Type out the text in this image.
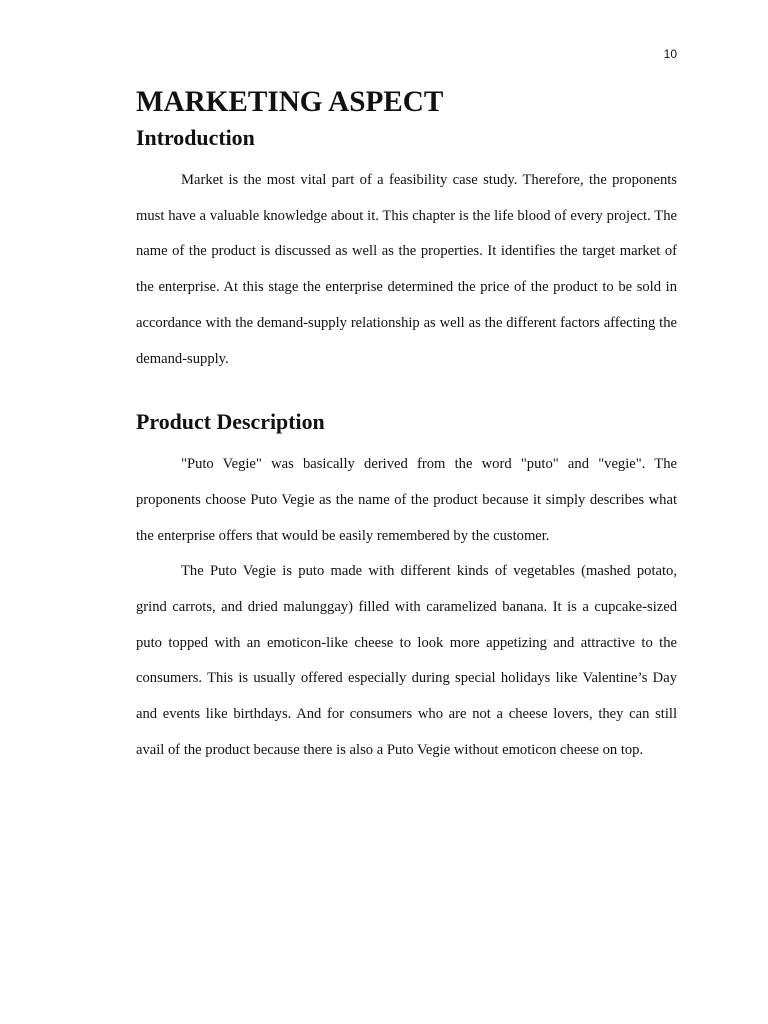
10
MARKETING ASPECT
Introduction

Market is the most vital part of a feasibility case study. Therefore, the proponents must have a valuable knowledge about it. This chapter is the life blood of every project. The name of the product is discussed as well as the properties. It identifies the target market of the enterprise. At this stage the enterprise determined the price of the product to be sold in accordance with the demand-supply relationship as well as the different factors affecting the demand-supply.

Product Description

"Puto Vegie" was basically derived from the word "puto" and "vegie". The proponents choose Puto Vegie as the name of the product because it simply describes what the enterprise offers that would be easily remembered by the customer.

The Puto Vegie is puto made with different kinds of vegetables (mashed potato, grind carrots, and dried malunggay) filled with caramelized banana. It is a cupcake-sized puto topped with an emoticon-like cheese to look more appetizing and attractive to the consumers. This is usually offered especially during special holidays like Valentine’s Day and events like birthdays. And for consumers who are not a cheese lovers, they can still avail of the product because there is also a Puto Vegie without emoticon cheese on top.
